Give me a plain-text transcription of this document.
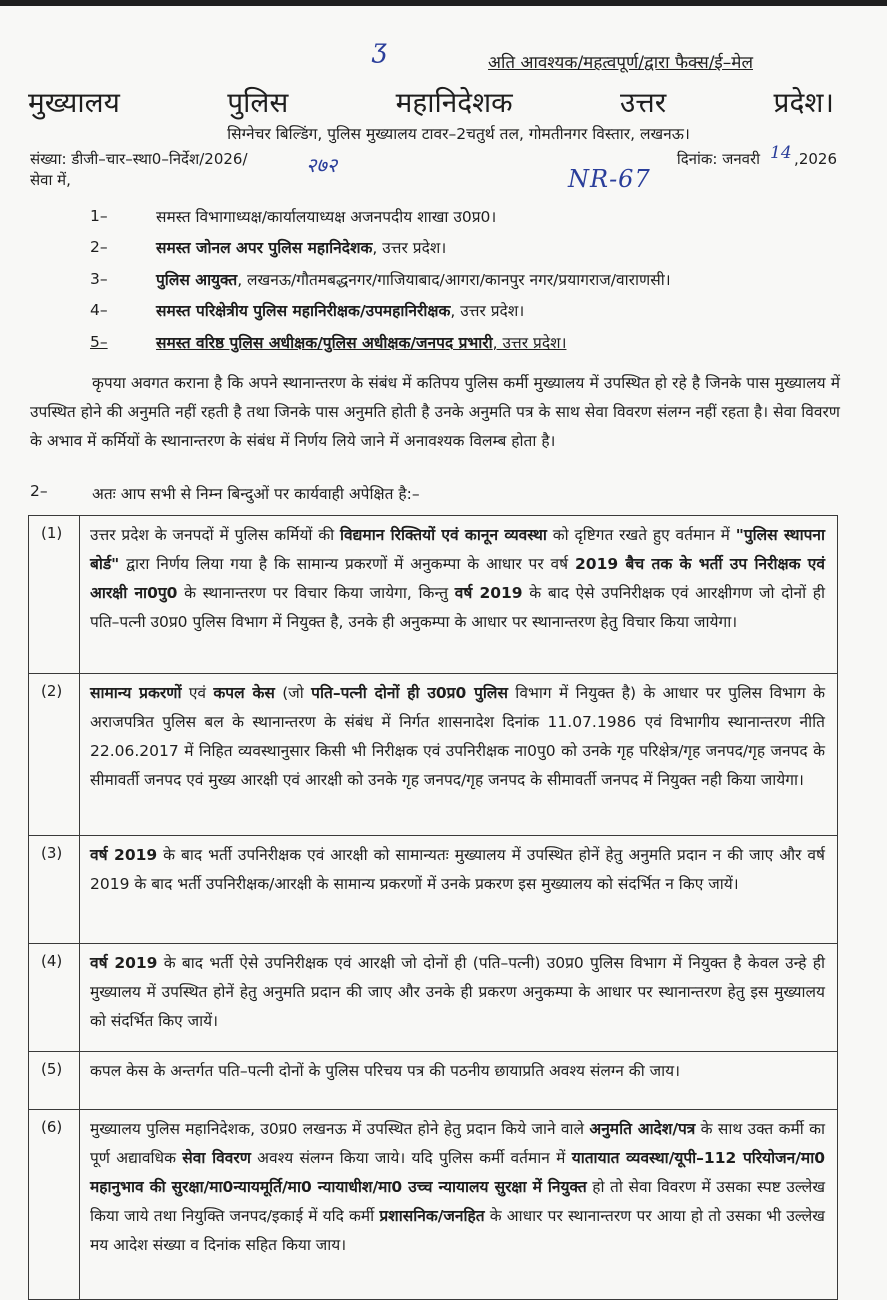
ʒ	अति आवश्यक/महत्वपूर्ण/द्वारा फैक्स/ई–मेल
मुख्यालय	पुलिस	महानिदेशक	उत्तर	प्रदेश।
सिग्नेचर बिल्डिंग, पुलिस मुख्यालय टावर–2चतुर्थ तल, गोमतीनगर विस्तार, लखनऊ।
संख्या: डीजी–चार–स्था0–निर्देश/2026/	२७२	दिनांक: जनवरी ,2026
14
NR-67
सेवा में,
1–	समस्त विभागाध्यक्ष/कार्यालयाध्यक्ष अजनपदीय शाखा उ0प्र0।
2–	समस्त जोनल अपर पुलिस महानिदेशक, उत्तर प्रदेश।
3–	पुलिस आयुक्त, लखनऊ/गौतमबद्धनगर/गाजियाबाद/आगरा/कानपुर नगर/प्रयागराज/वाराणसी।
4–	समस्त परिक्षेत्रीय पुलिस महानिरीक्षक/उपमहानिरीक्षक, उत्तर प्रदेश।
5–	समस्त वरिष्ठ पुलिस अधीक्षक/पुलिस अधीक्षक/जनपद प्रभारी, उत्तर प्रदेश।

कृपया अवगत कराना है कि अपने स्थानान्तरण के संबंध में कतिपय पुलिस कर्मी मुख्यालय में उपस्थित हो रहे है जिनके पास मुख्यालय में उपस्थित होने की अनुमति नहीं रहती है तथा जिनके पास अनुमति होती है उनके अनुमति पत्र के साथ सेवा विवरण संलग्न नहीं रहता है। सेवा विवरण के अभाव में कर्मियों के स्थानान्तरण के संबंध में निर्णय लिये जाने में अनावश्यक विलम्ब होता है।

2–	अतः आप सभी से निम्न बिन्दुओं पर कार्यवाही अपेक्षित है:–
(1)	उत्तर प्रदेश के जनपदों में पुलिस कर्मियों की विद्यमान रिक्तियों एवं कानून व्यवस्था को दृष्टिगत रखते हुए वर्तमान में "पुलिस स्थापना बोर्ड" द्वारा निर्णय लिया गया है कि सामान्य प्रकरणों में अनुकम्पा के आधार पर वर्ष 2019 बैच तक के भर्ती उप निरीक्षक एवं आरक्षी ना0पु0 के स्थानान्तरण पर विचार किया जायेगा, किन्तु वर्ष 2019 के बाद ऐसे उपनिरीक्षक एवं आरक्षीगण जो दोनों ही पति–पत्नी उ0प्र0 पुलिस विभाग में नियुक्त है, उनके ही अनुकम्पा के आधार पर स्थानान्तरण हेतु विचार किया जायेगा।
(2)	सामान्य प्रकरणों एवं कपल केस (जो पति–पत्नी दोनों ही उ0प्र0 पुलिस विभाग में नियुक्त है) के आधार पर पुलिस विभाग के अराजपत्रित पुलिस बल के स्थानान्तरण के संबंध में निर्गत शासनादेश दिनांक 11.07.1986 एवं विभागीय स्थानान्तरण नीति 22.06.2017 में निहित व्यवस्थानुसार किसी भी निरीक्षक एवं उपनिरीक्षक ना0पु0 को उनके गृह परिक्षेत्र/गृह जनपद/गृह जनपद के सीमावर्ती जनपद एवं मुख्य आरक्षी एवं आरक्षी को उनके गृह जनपद/गृह जनपद के सीमावर्ती जनपद में नियुक्त नही किया जायेगा।
(3)	वर्ष 2019 के बाद भर्ती उपनिरीक्षक एवं आरक्षी को सामान्यतः मुख्यालय में उपस्थित होनें हेतु अनुमति प्रदान न की जाए और वर्ष 2019 के बाद भर्ती उपनिरीक्षक/आरक्षी के सामान्य प्रकरणों में उनके प्रकरण इस मुख्यालय को संदर्भित न किए जायें।
(4)	वर्ष 2019 के बाद भर्ती ऐसे उपनिरीक्षक एवं आरक्षी जो दोनों ही (पति–पत्नी) उ0प्र0 पुलिस विभाग में नियुक्त है केवल उन्हे ही मुख्यालय में उपस्थित होनें हेतु अनुमति प्रदान की जाए और उनके ही प्रकरण अनुकम्पा के आधार पर स्थानान्तरण हेतु इस मुख्यालय को संदर्भित किए जायें।
(5)	कपल केस के अन्तर्गत पति–पत्नी दोनों के पुलिस परिचय पत्र की पठनीय छायाप्रति अवश्य संलग्न की जाय।
(6)	मुख्यालय पुलिस महानिदेशक, उ0प्र0 लखनऊ में उपस्थित होने हेतु प्रदान किये जाने वाले अनुमति आदेश/पत्र के साथ उक्त कर्मी का पूर्ण अद्यावधिक सेवा विवरण अवश्य संलग्न किया जाये। यदि पुलिस कर्मी वर्तमान में यातायात व्यवस्था/यूपी–112 परियोजन/मा0 महानुभाव की सुरक्षा/मा0न्यायमूर्ति/मा0 न्यायाधीश/मा0 उच्च न्यायालय सुरक्षा में नियुक्त हो तो सेवा विवरण में उसका स्पष्ट उल्लेख किया जाये तथा नियुक्ति जनपद/इकाई में यदि कर्मी प्रशासनिक/जनहित के आधार पर स्थानान्तरण पर आया हो तो उसका भी उल्लेख मय आदेश संख्या व दिनांक सहित किया जाय।
